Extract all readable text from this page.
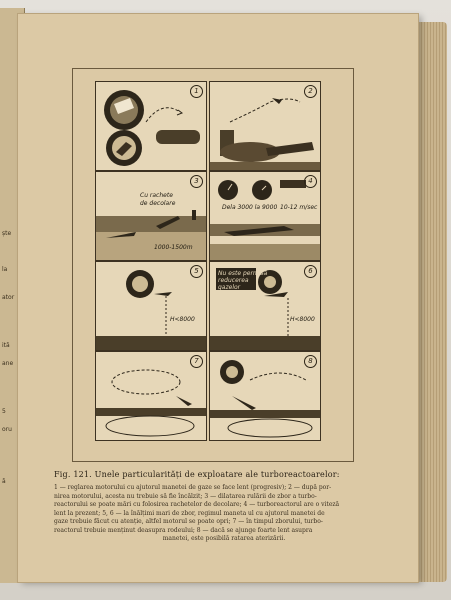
ște
la
ator
ită
ane
5
oru
ă
1	2
Cu rachete
de decolare
1000-1500m
3
Dela 3000 la 9000 10-12 m/sec
4
H<8000
5	Nu este permisă
reducerea
gazelor
H<8000
6
7	8
Fig. 121. Unele particularități de exploatare ale turboreactoarelor:
1 — reglarea motorului cu ajutorul manetei de gaze se face lent (progresiv); 2 — după por-
nirea motorului, acesta nu trebuie să fie încălzit; 3 — dilatarea rulării de zbor a turbo-
reactorului se poate mări cu folosirea rachetelor de decolare; 4 — turboreactorul are o viteză
lent la prezent; 5, 6 — la înălțimi mari de zbor, regimul maneta ul cu ajutorul manetei de
gaze trebuie făcut cu atenție, altfel motorul se poate opri; 7 — în timpul zborului, turbo-
reactorul trebuie menținut deasupra rodeului; 8 — dacă se ajunge foarte lent asupra
manetei, este posibilă ratarea aterizării.
